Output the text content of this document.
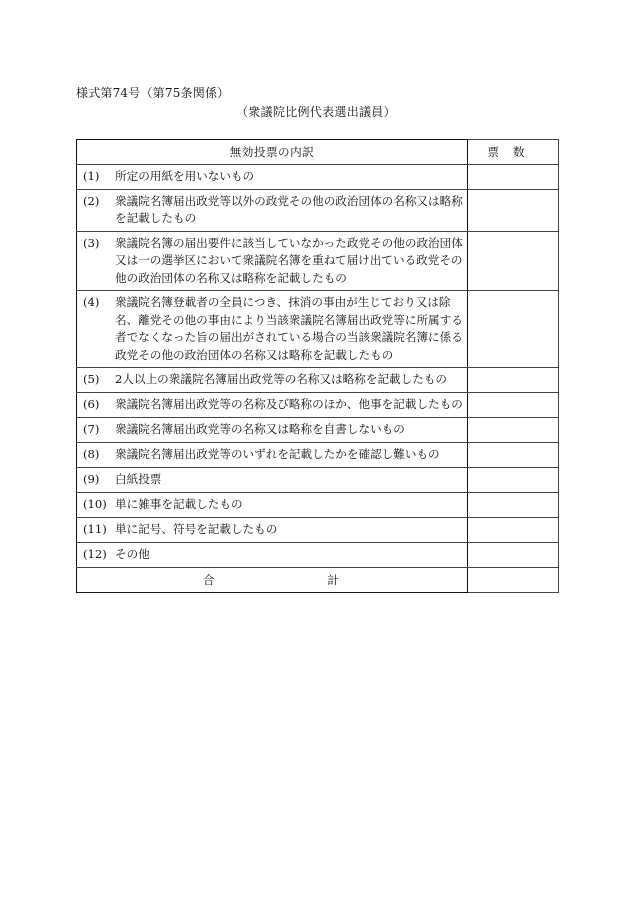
様式第74号（第75条関係）
（衆議院比例代表選出議員）
無効投票の内訳	票数

(1) 所定の用紙を用いないもの	

(2) 衆議院名簿届出政党等以外の政党その他の政治団体の名称又は略称を記載したもの	

(3) 衆議院名簿の届出要件に該当していなかった政党その他の政治団体又は一の選挙区において衆議院名簿を重ねて届け出ている政党その他の政治団体の名称又は略称を記載したもの	

(4) 衆議院名簿登載者の全員につき、抹消の事由が生じており又は除名、離党その他の事由により当該衆議院名簿届出政党等に所属する者でなくなった旨の届出がされている場合の当該衆議院名簿に係る政党その他の政治団体の名称又は略称を記載したもの	

(5) 2人以上の衆議院名簿届出政党等の名称又は略称を記載したもの	

(6) 衆議院名簿届出政党等の名称及び略称のほか、他事を記載したもの	

(7) 衆議院名簿届出政党等の名称又は略称を自書しないもの	

(8) 衆議院名簿届出政党等のいずれを記載したかを確認し難いもの	

(9) 白紙投票	

(10) 単に雑事を記載したもの	

(11) 単に記号、符号を記載したもの	

(12) その他	

合 計	
